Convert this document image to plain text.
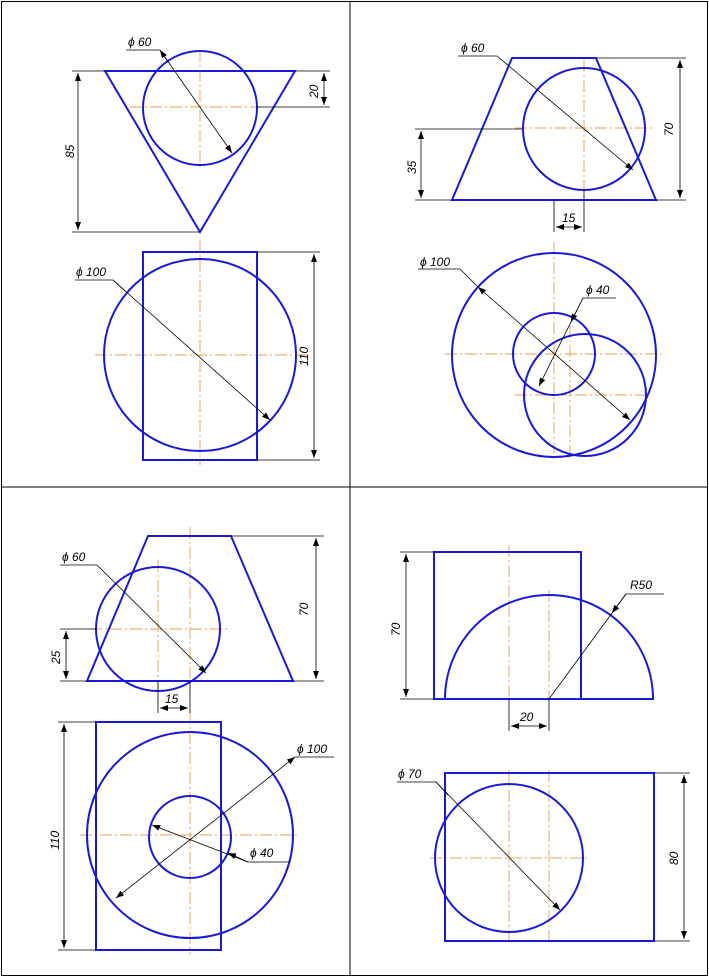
ϕ 60
20
85
ϕ 100
110
ϕ 60
70
35
15
ϕ 100
ϕ 40
ϕ 60
70
25
15
ϕ 100
ϕ 40
110
70
R50
20
ϕ 70
80
